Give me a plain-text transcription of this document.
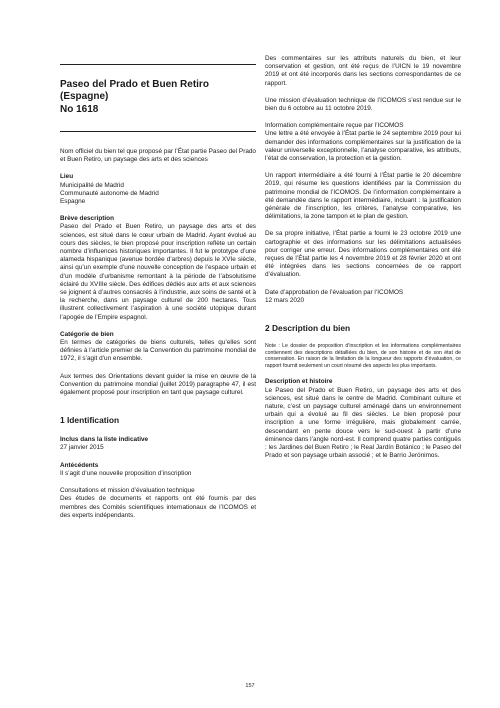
Paseo del Prado et Buen Retiro
(Espagne)
No 1618
Nom officiel du bien tel que proposé par l’État partie Paseo del Prado et Buen Retiro, un paysage des arts et des sciences
Lieu
Municipalité de Madrid
Communauté autonome de Madrid
Espagne
Brève description
Paseo del Prado et Buen Retiro, un paysage des arts et des sciences, est situé dans le cœur urbain de Madrid. Ayant évolué au cours des siècles, le bien proposé pour inscription reflète un certain nombre d’influences historiques importantes. Il fut le prototype d’une alameda hispanique (avenue bordée d’arbres) depuis le XVIe siècle, ainsi qu’un exemple d’une nouvelle conception de l’espace urbain et d’un modèle d’urbanisme remontant à la période de l’absolutisme éclairé du XVIIIe siècle. Des édifices dédiés aux arts et aux sciences se joignent à d’autres consacrés à l’industrie, aux soins de santé et à la recherche, dans un paysage culturel de 200 hectares. Tous illustrent collectivement l’aspiration à une société utopique durant l’apogée de l’Empire espagnol.
Catégorie de bien
En termes de catégories de biens culturels, telles qu’elles sont définies à l’article premier de la Convention du patrimoine mondial de 1972, il s’agit d’un ensemble.
Aux termes des Orientations devant guider la mise en œuvre de la Convention du patrimoine mondial (juillet 2019) paragraphe 47, il est également proposé pour inscription en tant que paysage culturel.
1 Identification
Inclus dans la liste indicative
27 janvier 2015
Antécédents
Il s’agit d’une nouvelle proposition d’inscription
Consultations et mission d’évaluation technique
Des études de documents et rapports ont été fournis par des membres des Comités scientifiques internationaux de l’ICOMOS et des experts indépendants.
Des commentaires sur les attributs naturels du bien, et leur conservation et gestion, ont été reçus de l’UICN le 19 novembre 2019 et ont été incorporés dans les sections correspondantes de ce rapport.
Une mission d’évaluation technique de l’ICOMOS s’est rendue sur le bien du 6 octobre au 11 octobre 2019.
Information complémentaire reçue par l’ICOMOS
Une lettre a été envoyée à l’État partie le 24 septembre 2019 pour lui demander des informations complémentaires sur la justification de la valeur universelle exceptionnelle, l’analyse comparative, les attributs, l’état de conservation, la protection et la gestion.
Un rapport intermédiaire a été fourni à l’État partie le 20 décembre 2019, qui résume les questions identifiées par la Commission du patrimoine mondial de l’ICOMOS. De l’information complémentaire a été demandée dans le rapport intermédiaire, incluant : la justification générale de l’inscription, les critères, l’analyse comparative, les délimitations, la zone tampon et le plan de gestion.
De sa propre initiative, l’État partie a fourni le 23 octobre 2019 une cartographie et des informations sur les délimitations actualisées pour corriger une erreur. Des informations complémentaires ont été reçues de l’État partie les 4 novembre 2019 et 28 février 2020 et ont été intégrées dans les sections concernées de ce rapport d’évaluation.
Date d’approbation de l’évaluation par l’ICOMOS
12 mars 2020
2 Description du bien
Note : Le dossier de proposition d’inscription et les informations complémentaires contiennent des descriptions détaillées du bien, de son histoire et de son état de conservation. En raison de la limitation de la longueur des rapports d’évaluation, ce rapport fournit seulement un court résumé des aspects les plus importants.
Description et histoire
Le Paseo del Prado et Buen Retiro, un paysage des arts et des sciences, est situé dans le centre de Madrid. Combinant culture et nature, c’est un paysage culturel aménagé dans un environnement urbain qui a évolué au fil des siècles. Le bien proposé pour inscription a une forme irrégulière, mais globalement carrée, descendant en pente douce vers le sud-ouest à partir d’une éminence dans l’angle nord-est. Il comprend quatre parties contiguës : les Jardines del Buen Retiro ; le Real Jardín Botánico ; le Paseo del Prado et son paysage urbain associé ; et le Barrio Jerónimos.
157
